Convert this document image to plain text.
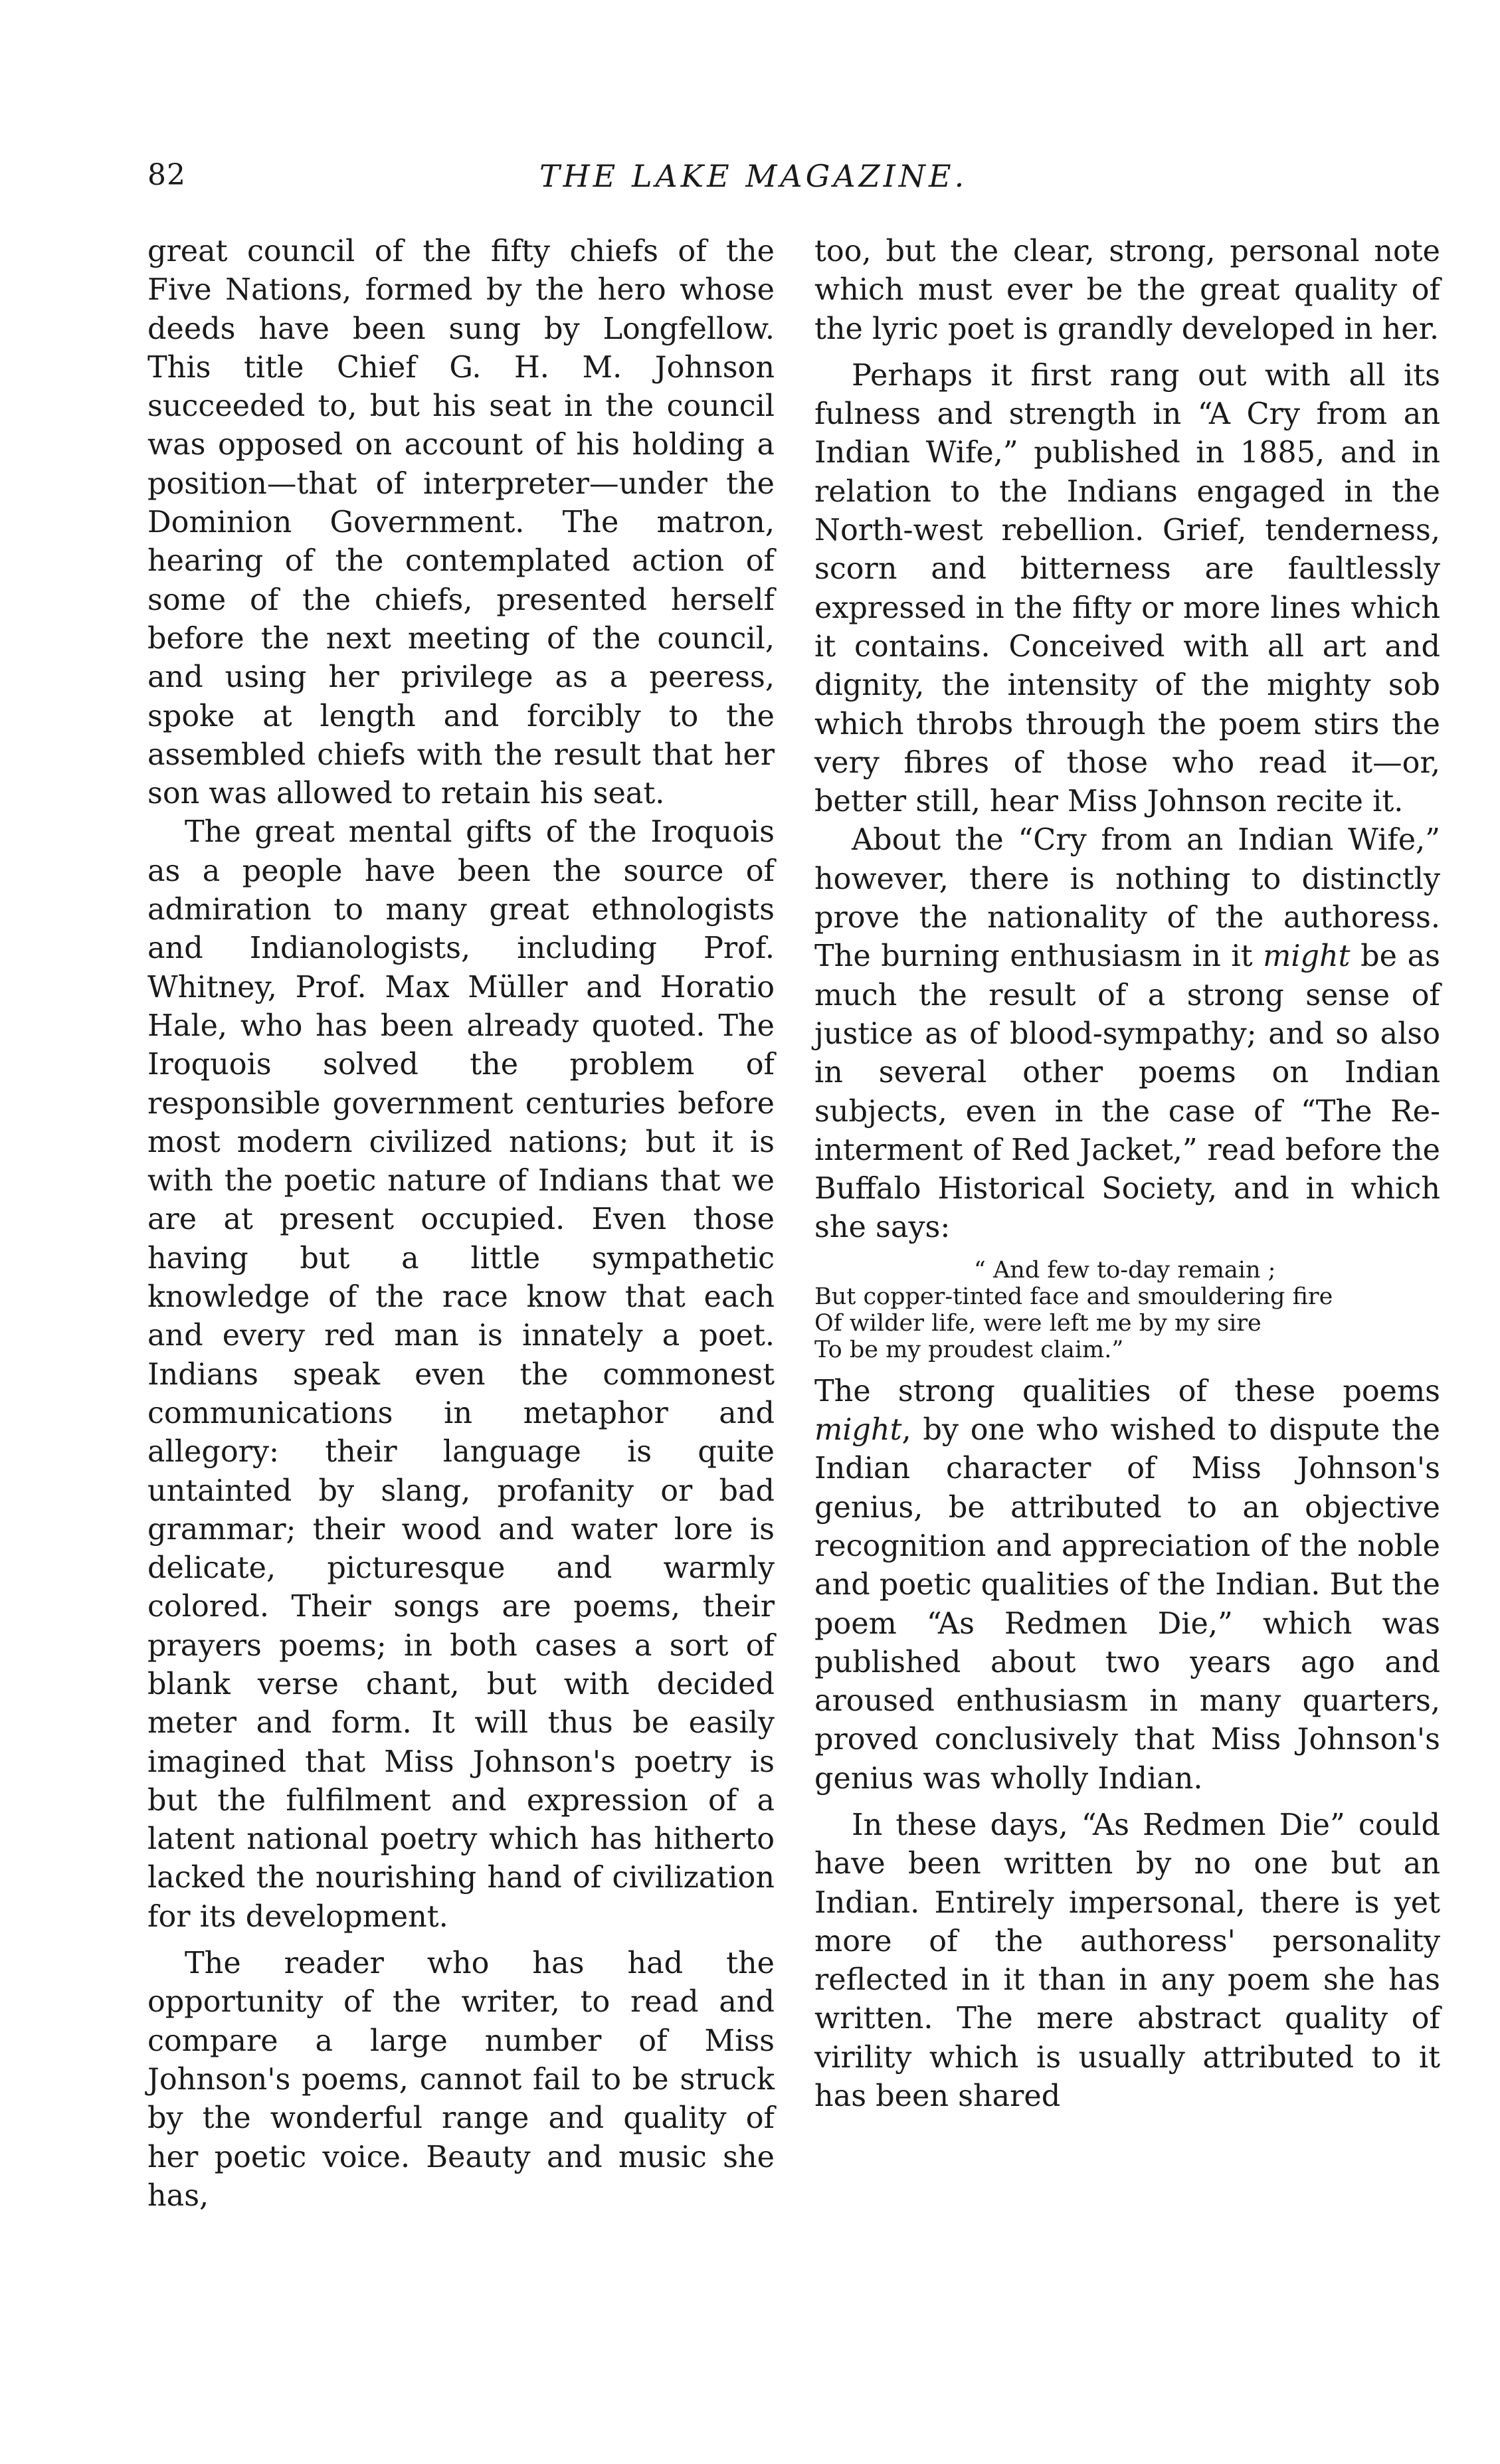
82	THE LAKE MAGAZINE.

great council of the fifty chiefs of the Five Nations, formed by the hero whose deeds have been sung by Longfellow. This title Chief G. H. M. Johnson succeeded to, but his seat in the council was opposed on account of his holding a position—that of interpreter—under the Dominion Government. The matron, hearing of the contemplated action of some of the chiefs, presented herself before the next meeting of the council, and using her privilege as a peeress, spoke at length and forcibly to the assembled chiefs with the result that her son was allowed to retain his seat.

The great mental gifts of the Iroquois as a people have been the source of admiration to many great ethnologists and Indianologists, including Prof. Whitney, Prof. Max Müller and Horatio Hale, who has been already quoted. The Iroquois solved the problem of responsible government centuries before most modern civilized nations; but it is with the poetic nature of Indians that we are at present occupied. Even those having but a little sympathetic knowledge of the race know that each and every red man is innately a poet. Indians speak even the commonest communications in metaphor and allegory: their language is quite untainted by slang, profanity or bad grammar; their wood and water lore is delicate, picturesque and warmly colored. Their songs are poems, their prayers poems; in both cases a sort of blank verse chant, but with decided meter and form. It will thus be easily imagined that Miss Johnson's poetry is but the fulfilment and expression of a latent national poetry which has hitherto lacked the nourishing hand of civilization for its development.

The reader who has had the opportunity of the writer, to read and compare a large number of Miss Johnson's poems, cannot fail to be struck by the wonderful range and quality of her poetic voice. Beauty and music she has,

too, but the clear, strong, personal note which must ever be the great quality of the lyric poet is grandly developed in her.

Perhaps it first rang out with all its fulness and strength in “A Cry from an Indian Wife,” published in 1885, and in relation to the Indians engaged in the North-west rebellion. Grief, tenderness, scorn and bitterness are faultlessly expressed in the fifty or more lines which it contains. Conceived with all art and dignity, the intensity of the mighty sob which throbs through the poem stirs the very fibres of those who read it—or, better still, hear Miss Johnson recite it.

About the “Cry from an Indian Wife,” however, there is nothing to distinctly prove the nationality of the authoress. The burning enthusiasm in it might be as much the result of a strong sense of justice as of blood-sympathy; and so also in several other poems on Indian subjects, even in the case of “The Re-interment of Red Jacket,” read before the Buffalo Historical Society, and in which she says:

“ And few to-day remain ;
But copper-tinted face and smouldering fire
Of wilder life, were left me by my sire
To be my proudest claim.”

The strong qualities of these poems might, by one who wished to dispute the Indian character of Miss Johnson's genius, be attributed to an objective recognition and appreciation of the noble and poetic qualities of the Indian. But the poem “As Redmen Die,” which was published about two years ago and aroused enthusiasm in many quarters, proved conclusively that Miss Johnson's genius was wholly Indian.

In these days, “As Redmen Die” could have been written by no one but an Indian. Entirely impersonal, there is yet more of the authoress' personality reflected in it than in any poem she has written. The mere abstract quality of virility which is usually attributed to it has been shared
